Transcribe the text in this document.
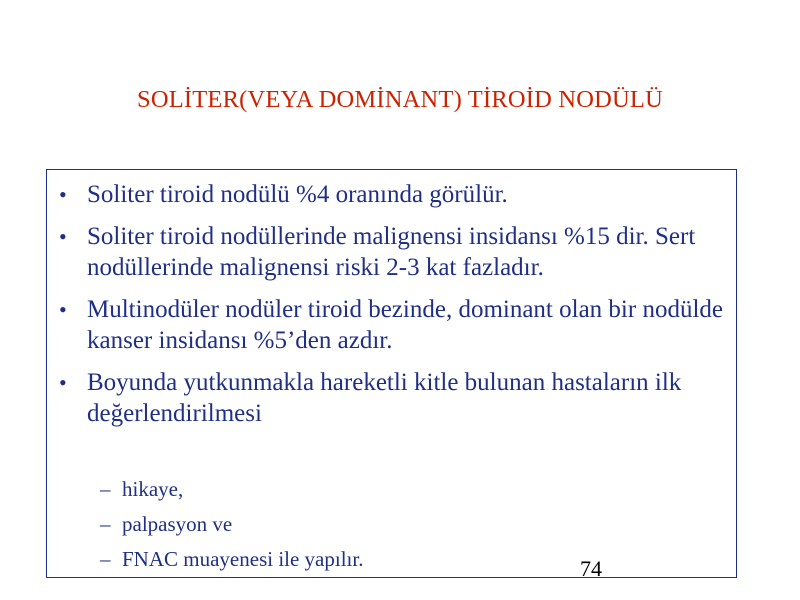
SOLİTER(VEYA DOMİNANT) TİROİD NODÜLÜ
• Soliter tiroid nodülü %4 oranında görülür.
• Soliter tiroid nodüllerinde malignensi insidansı %15 dir. Sert nodüllerinde malignensi riski 2-3 kat fazladır.
• Multinodüler nodüler tiroid bezinde, dominant olan bir nodülde kanser insidansı %5’den azdır.
• Boyunda yutkunmakla hareketli kitle bulunan hastaların ilk değerlendirilmesi
– hikaye,
– palpasyon ve
– FNAC muayenesi ile yapılır.	74
